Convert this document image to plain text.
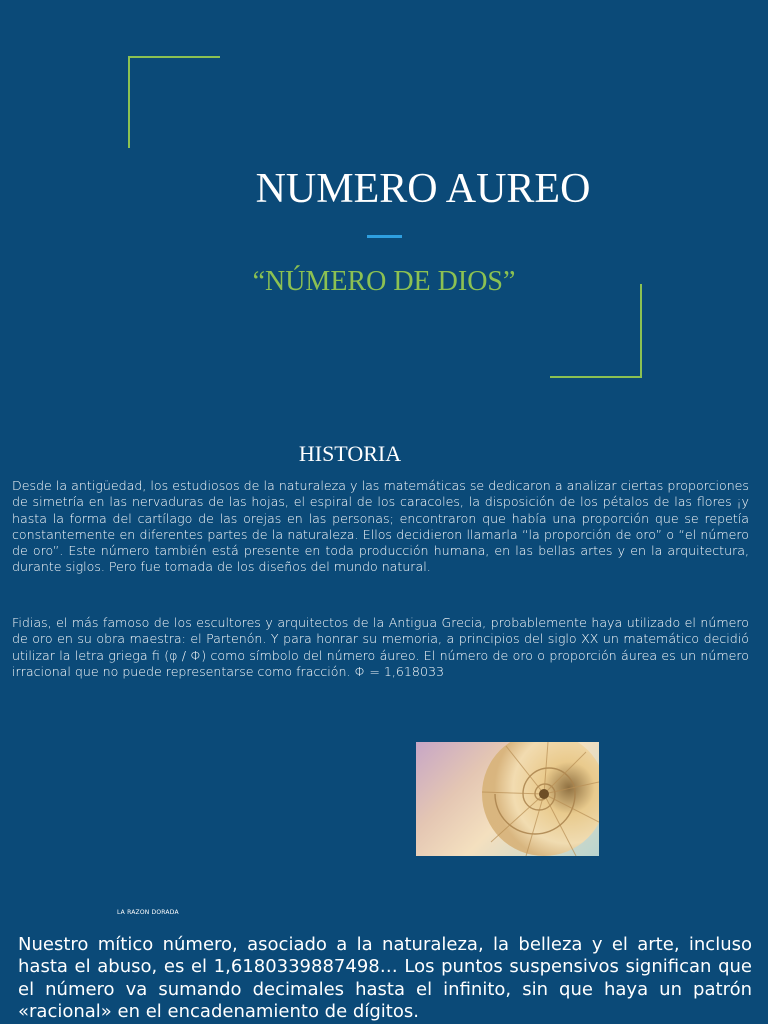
NUMERO AUREO
“NÚMERO DE DIOS”
HISTORIA

Desde la antigüedad, los estudiosos de la naturaleza y las matemáticas se dedicaron a analizar ciertas proporciones de simetría en las nervaduras de las hojas, el espiral de los caracoles, la disposición de los pétalos de las flores ¡y hasta la forma del cartílago de las orejas en las personas; encontraron que había una proporción que se repetía constantemente en diferentes partes de la naturaleza. Ellos decidieron llamarla “la proporción de oro” o “el número de oro”. Este número también está presente en toda producción humana, en las bellas artes y en la arquitectura, durante siglos. Pero fue tomada de los diseños del mundo natural.

Fidias, el más famoso de los escultores y arquitectos de la Antigua Grecia, probablemente haya utilizado el número de oro en su obra maestra: el Partenón. Y para honrar su memoria, a principios del siglo XX un matemático decidió utilizar la letra griega fi (φ / Φ) como símbolo del número áureo. El número de oro o proporción áurea es un número irracional que no puede representarse como fracción. Φ = 1,618033

LA RAZON DORADA

Nuestro mítico número, asociado a la naturaleza, la belleza y el arte, incluso hasta el abuso, es el 1,6180339887498… Los puntos suspensivos significan que el número va sumando decimales hasta el infinito, sin que haya un patrón «racional» en el encadenamiento de dígitos.
